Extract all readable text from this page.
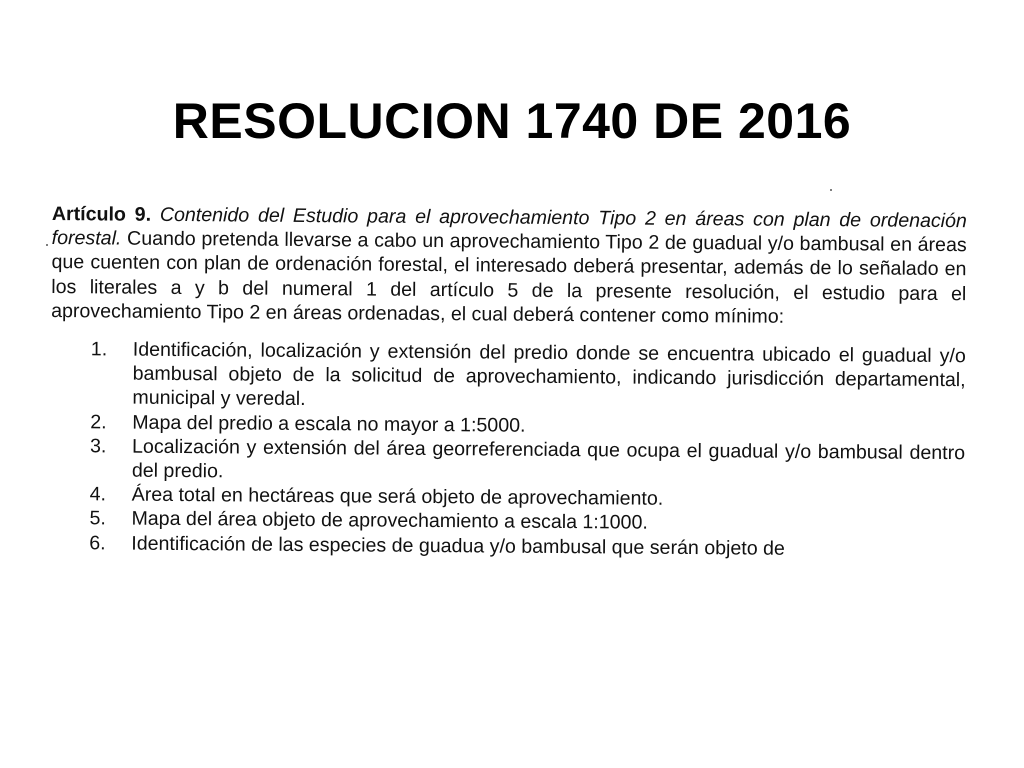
RESOLUCION 1740 DE 2016

Artículo 9. Contenido del Estudio para el aprovechamiento Tipo 2 en áreas con plan de ordenación forestal. Cuando pretenda llevarse a cabo un aprovechamiento Tipo 2 de guadual y/o bambusal en áreas que cuenten con plan de ordenación forestal, el interesado deberá presentar, además de lo señalado en los literales a y b del numeral 1 del artículo 5 de la presente resolución, el estudio para el aprovechamiento Tipo 2 en áreas ordenadas, el cual deberá contener como mínimo:

1.	Identificación, localización y extensión del predio donde se encuentra ubicado el guadual y/o bambusal objeto de la solicitud de aprovechamiento, indicando jurisdicción departamental, municipal y veredal.
2.	Mapa del predio a escala no mayor a 1:5000.
3.	Localización y extensión del área georreferenciada que ocupa el guadual y/o bambusal dentro del predio.
4.	Área total en hectáreas que será objeto de aprovechamiento.
5.	Mapa del área objeto de aprovechamiento a escala 1:1000.
6.	Identificación de las especies de guadua y/o bambusal que serán objeto de
